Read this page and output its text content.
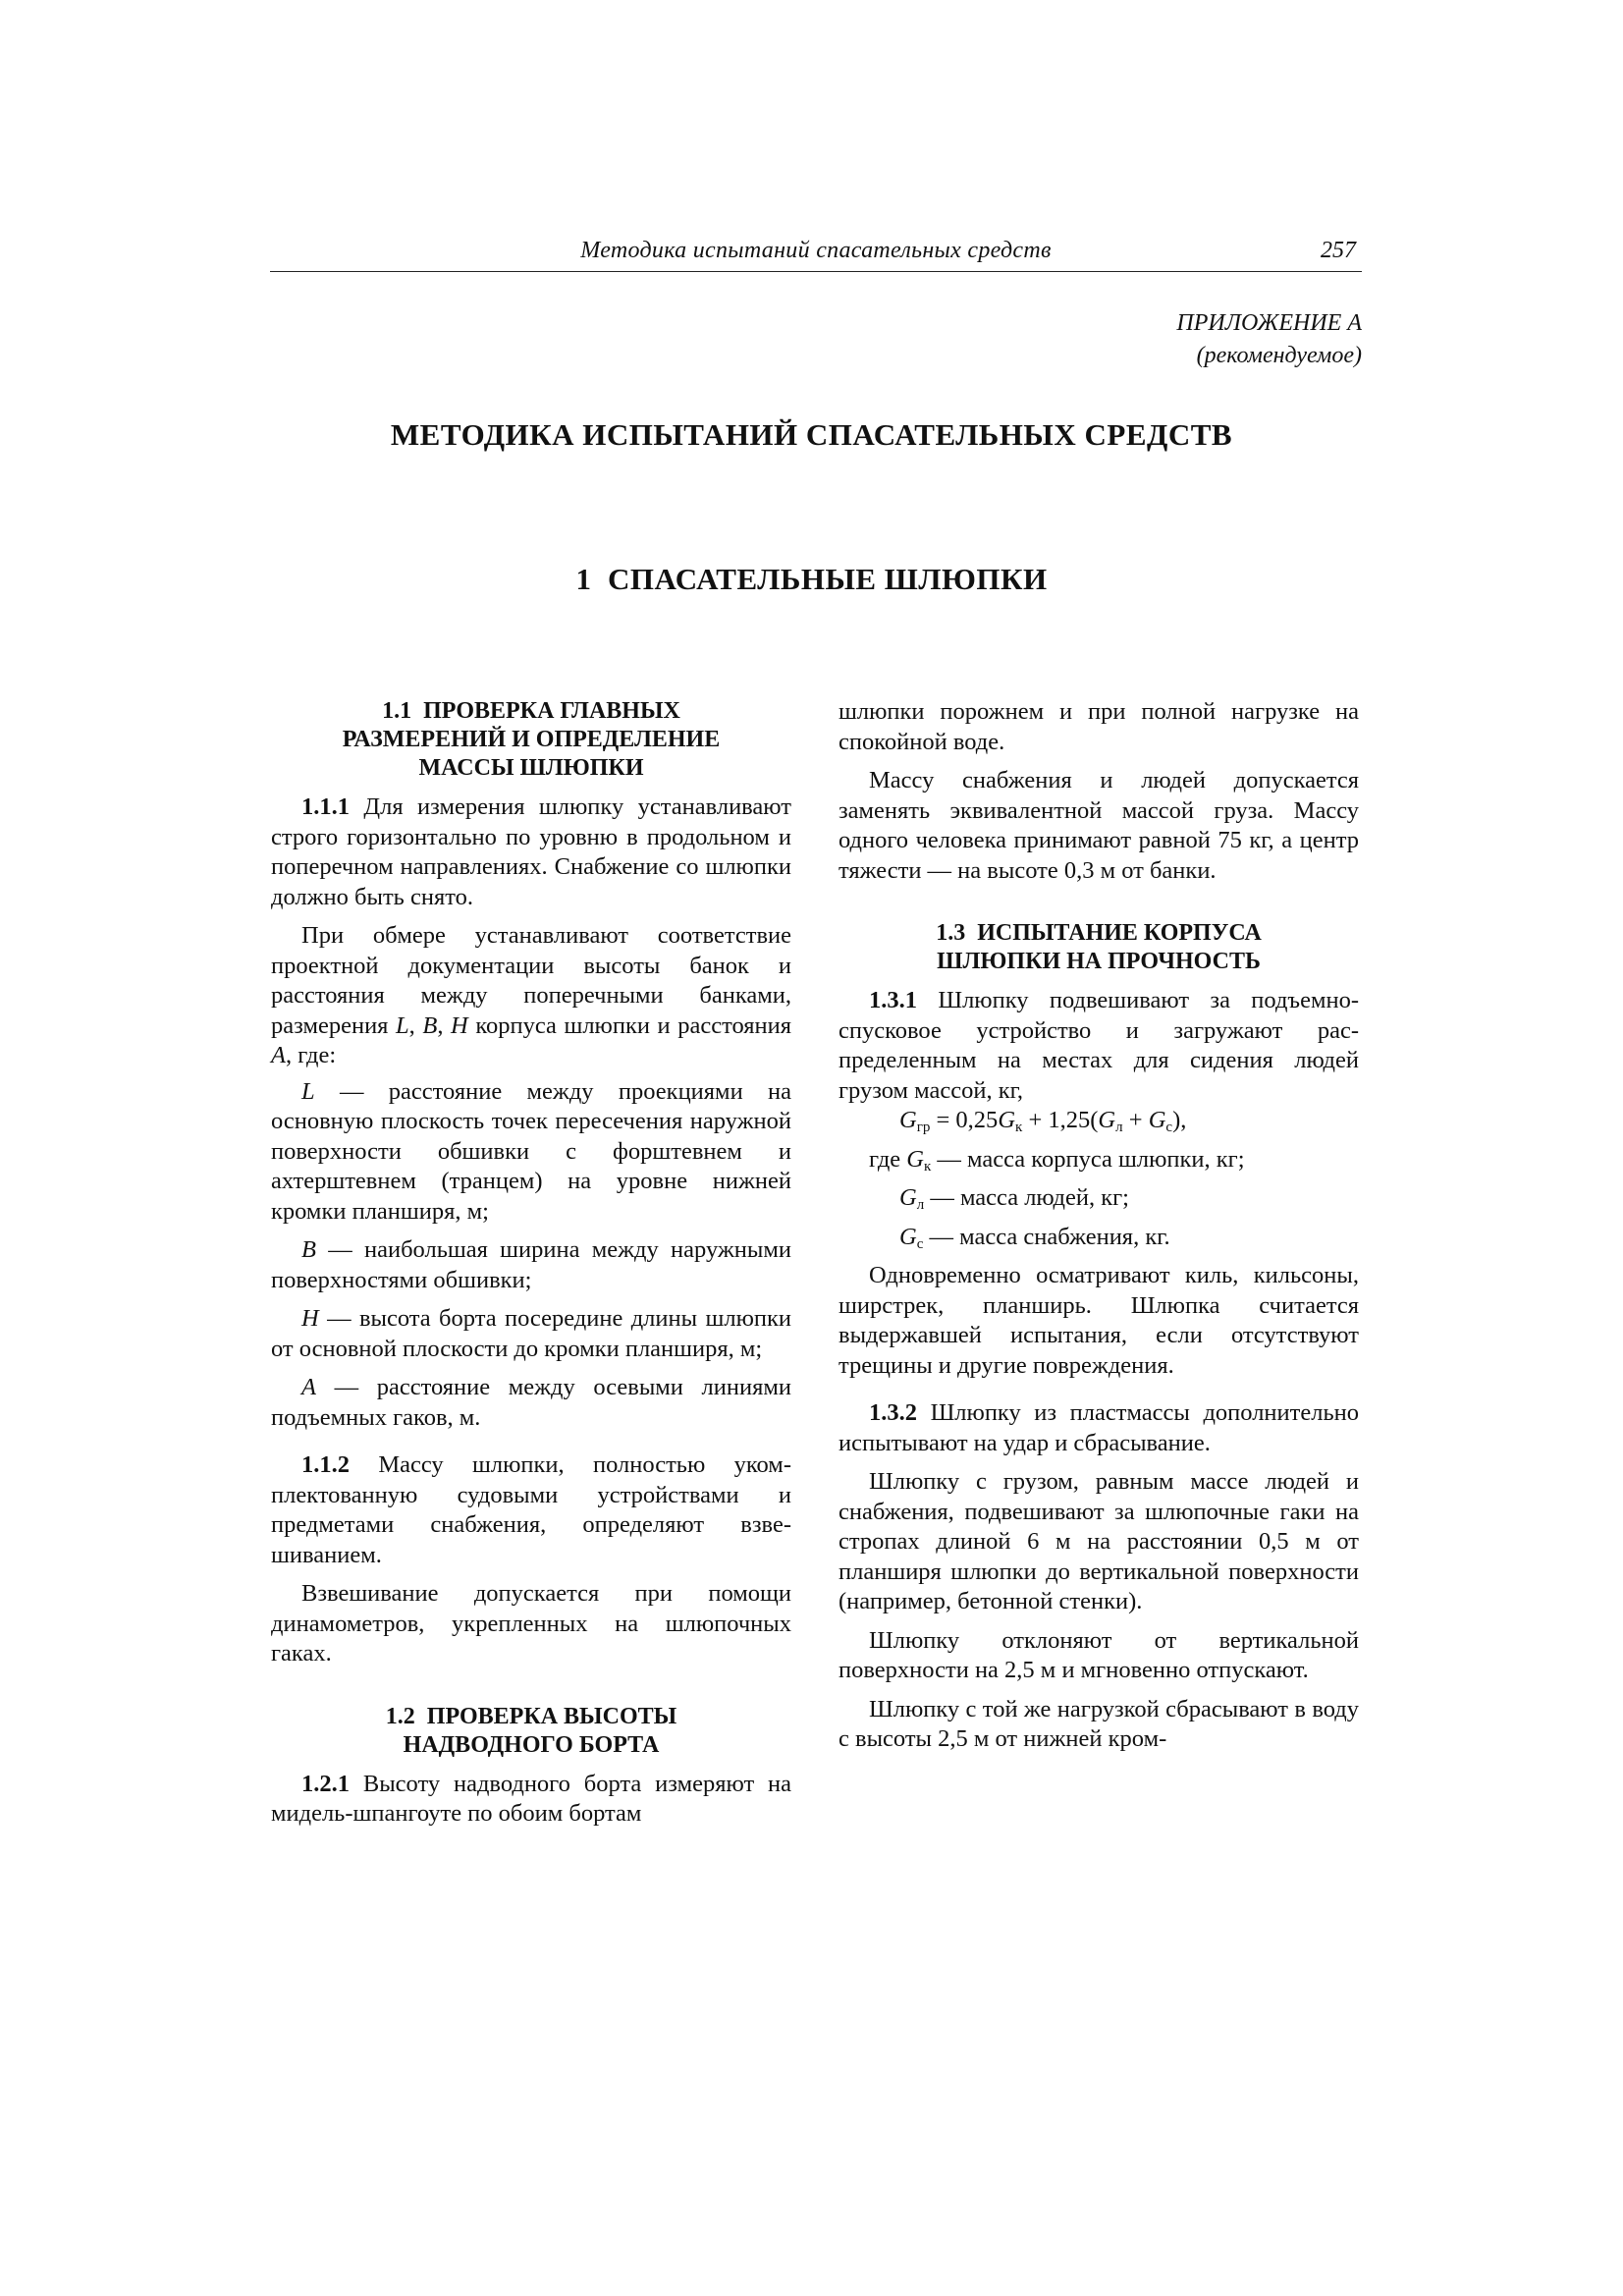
Методика испытаний спасательных средств	257
ПРИЛОЖЕНИЕ А
(рекомендуемое)
МЕТОДИКА ИСПЫТАНИЙ СПАСАТЕЛЬНЫХ СРЕДСТВ
1  СПАСАТЕЛЬНЫЕ ШЛЮПКИ
1.1  ПРОВЕРКА ГЛАВНЫХ
РАЗМЕРЕНИЙ И ОПРЕДЕЛЕНИЕ
МАССЫ ШЛЮПКИ

1.1.1 Для измерения шлюпку устанавливают строго горизонтально по уровню в продольном и поперечном направлениях. Снабжение со шлюпки должно быть снято.

При обмере устанавливают соответствие проектной документации высоты банок и расстояния между поперечными банками, размерения L, B, H корпуса шлюпки и расстояния A, где:

L — расстояние между проекциями на основную плоскость точек пересечения наружной поверхности обшивки с форштевнем и ахтерштевнем (транцем) на уровне нижней кромки планширя, м;

B — наибольшая ширина между наружными поверхностями обшивки;

H — высота борта посередине длины шлюпки от основной плоскости до кромки планширя, м;

A — расстояние между осевыми линиями подъемных гаков, м.

1.1.2 Массу шлюпки, полностью укомплектованную судовыми устройствами и предметами снабжения, определяют взвешиванием.

Взвешивание допускается при помощи динамометров, укрепленных на шлюпочных гаках.

1.2  ПРОВЕРКА ВЫСОТЫ
НАДВОДНОГО БОРТА

1.2.1 Высоту надводного борта измеряют на мидель-шпангоуте по обоим бортам

шлюпки порожнем и при полной нагрузке на спокойной воде.

Массу снабжения и людей допускается заменять эквивалентной массой груза. Массу одного человека принимают равной 75 кг, а центр тяжести — на высоте 0,3 м от банки.

1.3  ИСПЫТАНИЕ КОРПУСА
ШЛЮПКИ НА ПРОЧНОСТЬ

1.3.1 Шлюпку подвешивают за подъемно-спусковое устройство и загружают распределенным на местах для сидения людей грузом массой, кг,

$G_{гр} = 0,25G_к + 1,25(G_л + G_с)$,

где $G_к$ — масса корпуса шлюпки, кг;

$G_л$ — масса людей, кг;

$G_с$ — масса снабжения, кг.

Одновременно осматривают киль, кильсоны, ширстрек, планширь. Шлюпка считается выдержавшей испытания, если отсутствуют трещины и другие повреждения.

1.3.2 Шлюпку из пластмассы дополнительно испытывают на удар и сбрасывание.

Шлюпку с грузом, равным массе людей и снабжения, подвешивают за шлюпочные гаки на стропах длиной 6 м на расстоянии 0,5 м от планширя шлюпки до вертикальной поверхности (например, бетонной стенки).

Шлюпку отклоняют от вертикальной поверхности на 2,5 м и мгновенно отпускают.

Шлюпку с той же нагрузкой сбрасывают в воду с высоты 2,5 м от нижней кром-
